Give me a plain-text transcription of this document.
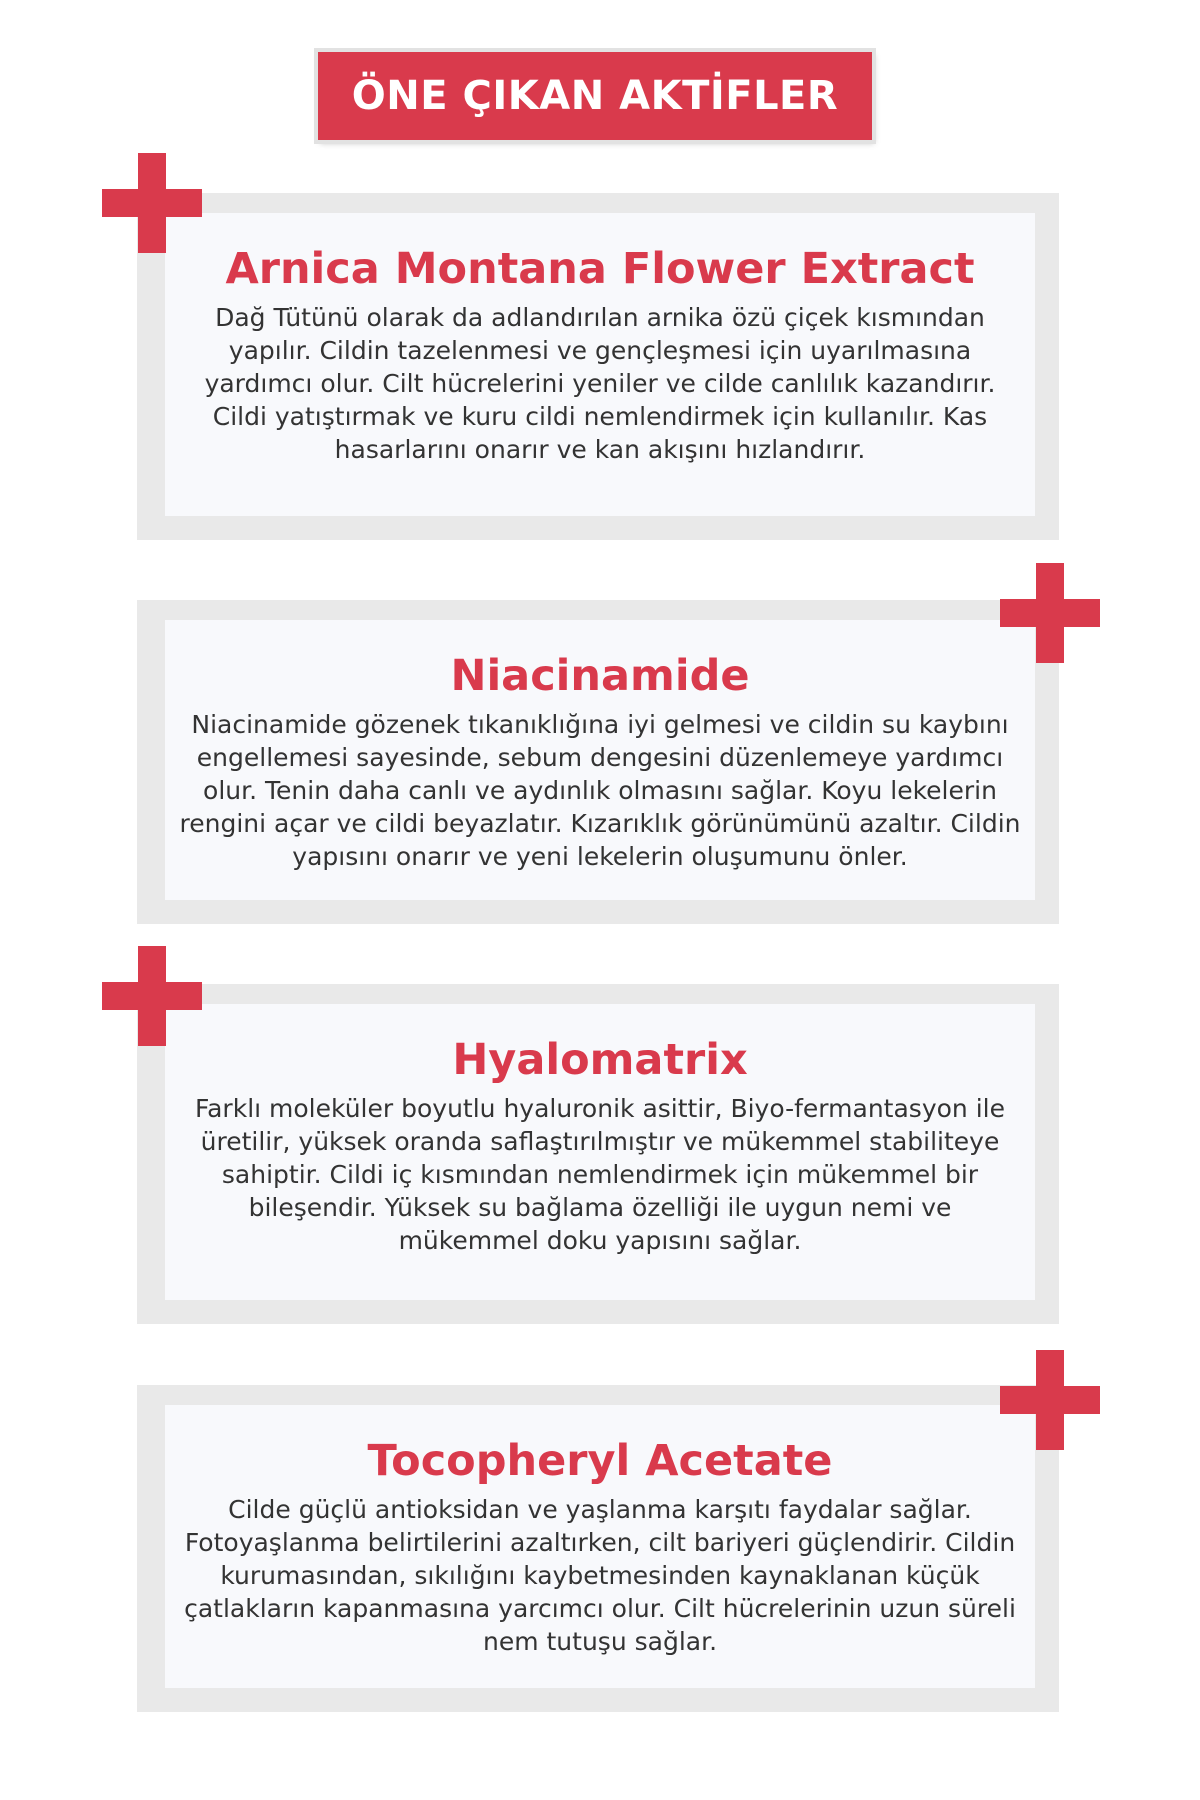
ÖNE ÇIKAN AKTİFLER
Arnica Montana Flower Extract
Dağ Tütünü olarak da adlandırılan arnika özü çiçek kısmından yapılır. Cildin tazelenmesi ve gençleşmesi için uyarılmasına yardımcı olur. Cilt hücrelerini yeniler ve cilde canlılık kazandırır. Cildi yatıştırmak ve kuru cildi nemlendirmek için kullanılır. Kas hasarlarını onarır ve kan akışını hızlandırır.
Niacinamide
Niacinamide gözenek tıkanıklığına iyi gelmesi ve cildin su kaybını engellemesi sayesinde, sebum dengesini düzenlemeye yardımcı olur. Tenin daha canlı ve aydınlık olmasını sağlar. Koyu lekelerin rengini açar ve cildi beyazlatır. Kızarıklık görünümünü azaltır. Cildin yapısını onarır ve yeni lekelerin oluşumunu önler.
Hyalomatrix
Farklı moleküler boyutlu hyaluronik asittir, Biyo-fermantasyon ile üretilir, yüksek oranda saflaştırılmıştır ve mükemmel stabiliteye sahiptir. Cildi iç kısmından nemlendirmek için mükemmel bir bileşendir. Yüksek su bağlama özelliği ile uygun nemi ve mükemmel doku yapısını sağlar.
Tocopheryl Acetate
Cilde güçlü antioksidan ve yaşlanma karşıtı faydalar sağlar. Fotoyaşlanma belirtilerini azaltırken, cilt bariyeri güçlendirir. Cildin kurumasından, sıkılığını kaybetmesinden kaynaklanan küçük çatlakların kapanmasına yarcımcı olur. Cilt hücrelerinin uzun süreli nem tutuşu sağlar.
